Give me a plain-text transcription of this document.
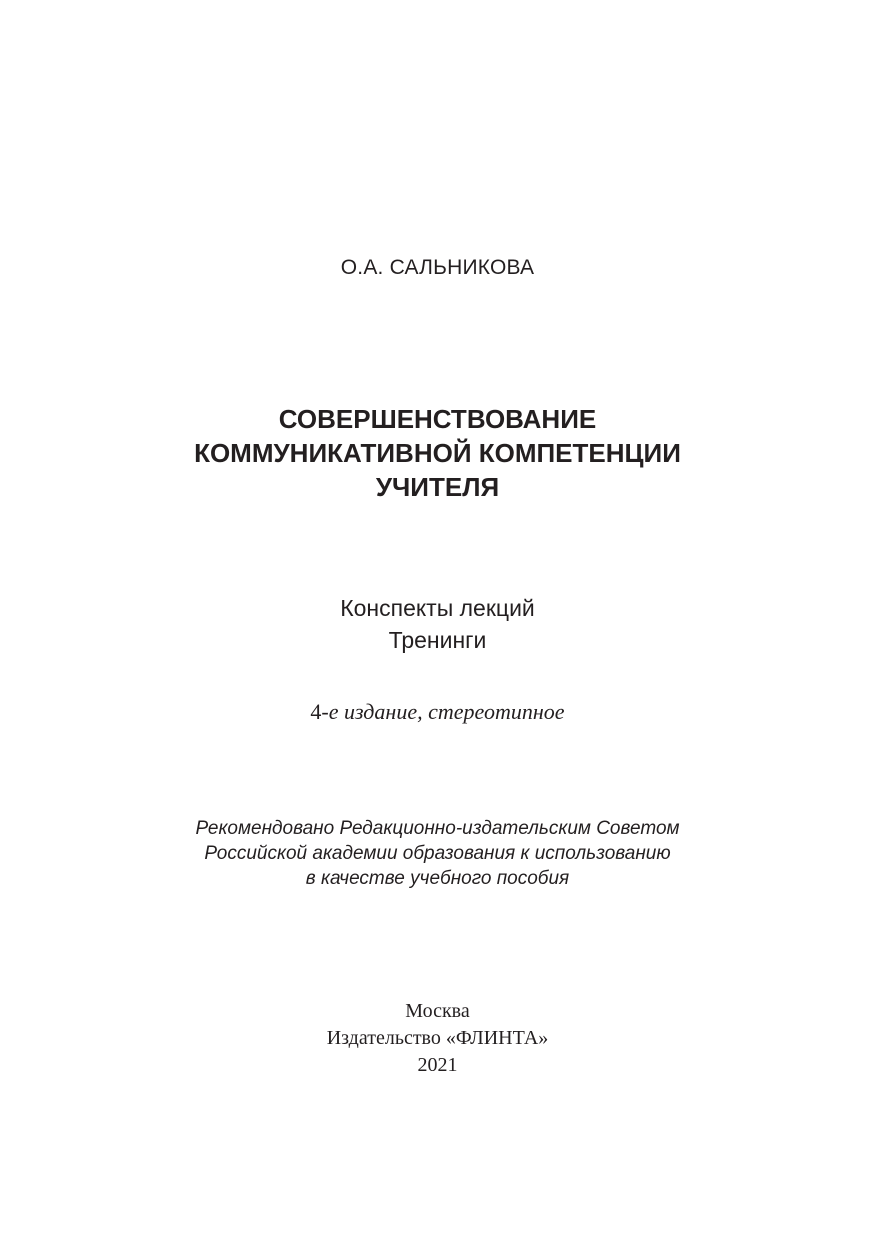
О.А. САЛЬНИКОВА
СОВЕРШЕНСТВОВАНИЕ
КОММУНИКАТИВНОЙ КОМПЕТЕНЦИИ
УЧИТЕЛЯ
Конспекты лекций
Тренинги
4-е издание, стереотипное
Рекомендовано Редакционно-издательским Советом
Российской академии образования к использованию
в качестве учебного пособия
Москва
Издательство «ФЛИНТА»
2021
